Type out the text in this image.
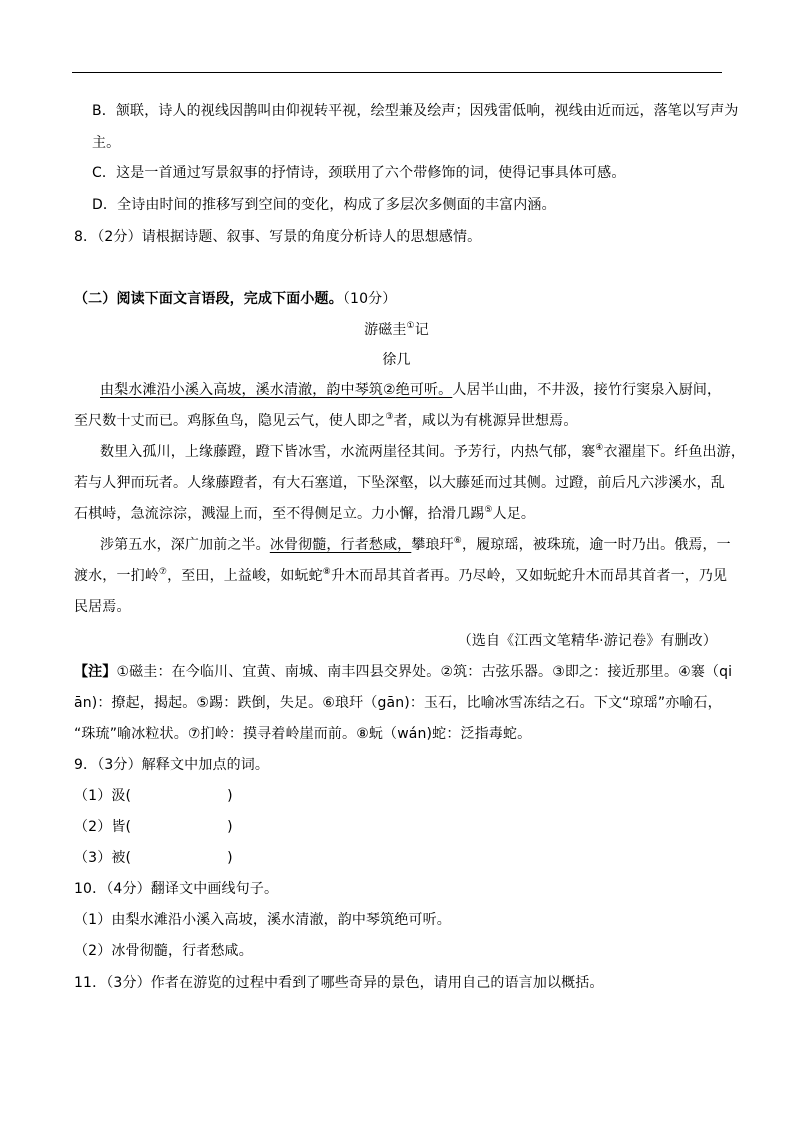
B．颔联，诗人的视线因鹊叫由仰视转平视，绘型兼及绘声；因残雷低响，视线由近而远，落笔以写声为
主。
C．这是一首通过写景叙事的抒情诗，颈联用了六个带修饰的词，使得记事具体可感。
D．全诗由时间的推移写到空间的变化，构成了多层次多侧面的丰富内涵。
8．（2分）请根据诗题、叙事、写景的角度分析诗人的思想感情。
（二）阅读下面文言语段，完成下面小题。（10分）
游磁圭①记
徐几
由梨水滩沿小溪入高坡，溪水清澈，韵中琴筑②绝可听。人居半山曲，不井汲，接竹行窦泉入厨间，
至尺数十丈而已。鸡豚鱼鸟，隐见云气，使人即之③者，咸以为有桃源异世想焉。
数里入孤川，上缘藤蹬，蹬下皆冰雪，水流两崖径其间。予芳行，内热气郁，褰④衣濯崖下。纤鱼出游，
若与人狎而玩者。人缘藤蹬者，有大石塞道，下坠深壑，以大藤延而过其侧。过蹬，前后凡六涉溪水，乱
石棋峙，急流淙淙，溅湿上而，至不得侧足立。力小懈，拾滑几踢⑤人足。
涉第五水，深广加前之半。冰骨彻髓，行者愁咸，攀琅玕⑥，履琼瑶，被珠琉，逾一时乃出。俄焉，一
渡水，一扪岭⑦，至田，上益峻，如蚖蛇⑧升木而昂其首者再。乃尽岭，又如蚖蛇升木而昂其首者一，乃见
民居焉。
（选自《江西文笔精华·游记卷》有删改）
【注】①磁圭：在今临川、宜黄、南城、南丰四县交界处。②筑：古弦乐器。③即之：接近那里。④褰（qi
ān)：撩起，揭起。⑤踢：跌倒，失足。⑥琅玕（gān)：玉石，比喻冰雪冻结之石。下文“琼瑶”亦喻石，
“珠琉”喻冰粒状。⑦扪岭：摸寻着岭崖而前。⑧蚖（wán)蛇：泛指毒蛇。
9．（3分）解释文中加点的词。
（1）汲(	)
（2）皆(	)
（3）被(	)
10．（4分）翻译文中画线句子。
（1）由梨水滩沿小溪入高坡，溪水清澈，韵中琴筑绝可听。
（2）冰骨彻髓，行者愁咸。
11．（3分）作者在游览的过程中看到了哪些奇异的景色，请用自己的语言加以概括。
